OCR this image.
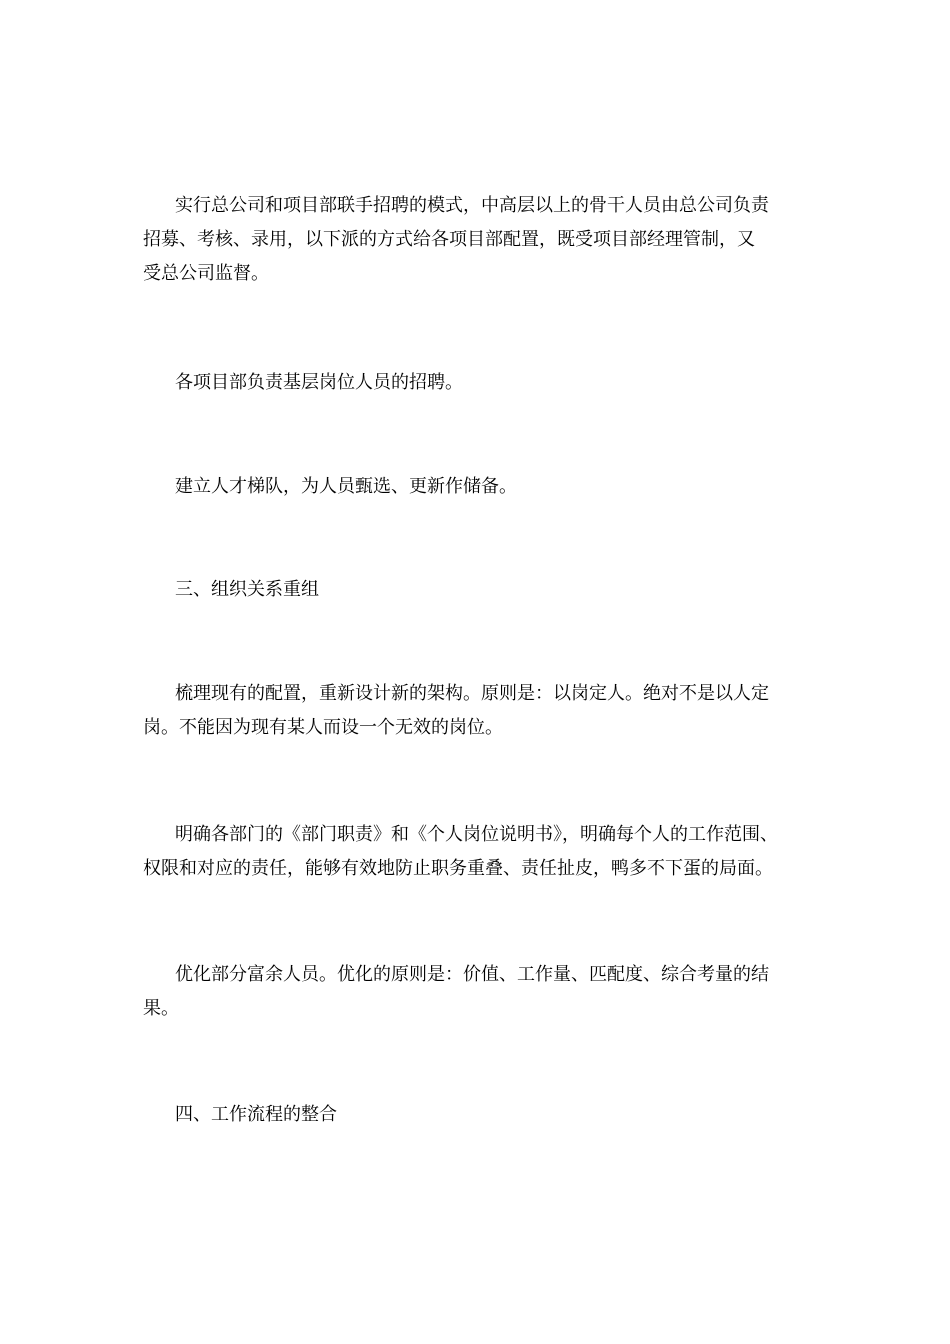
实行总公司和项目部联手招聘的模式，中高层以上的骨干人员由总公司负责
招募、考核、录用，以下派的方式给各项目部配置，既受项目部经理管制，又
受总公司监督。

各项目部负责基层岗位人员的招聘。

建立人才梯队，为人员甄选、更新作储备。

三、组织关系重组

梳理现有的配置，重新设计新的架构。原则是：以岗定人。绝对不是以人定
岗。不能因为现有某人而设一个无效的岗位。

明确各部门的《部门职责》和《个人岗位说明书》，明确每个人的工作范围、
权限和对应的责任，能够有效地防止职务重叠、责任扯皮，鸭多不下蛋的局面。

优化部分富余人员。优化的原则是：价值、工作量、匹配度、综合考量的结
果。

四、工作流程的整合
